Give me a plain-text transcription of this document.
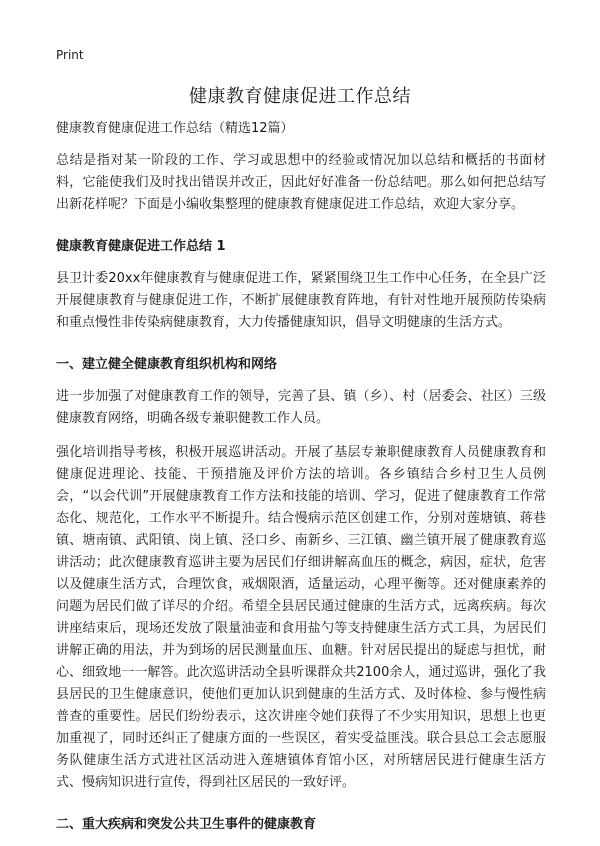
Print
健康教育健康促进工作总结

健康教育健康促进工作总结（精选12篇）

总结是指对某一阶段的工作、学习或思想中的经验或情况加以总结和概括的书面材料，它能使我们及时找出错误并改正，因此好好准备一份总结吧。那么如何把总结写出新花样呢？下面是小编收集整理的健康教育健康促进工作总结，欢迎大家分享。

健康教育健康促进工作总结 1

县卫计委20xx年健康教育与健康促进工作，紧紧围绕卫生工作中心任务，在全县广泛开展健康教育与健康促进工作，不断扩展健康教育阵地，有针对性地开展预防传染病和重点慢性非传染病健康教育，大力传播健康知识，倡导文明健康的生活方式。

一、建立健全健康教育组织机构和网络

进一步加强了对健康教育工作的领导，完善了县、镇（乡）、村（居委会、社区）三级健康教育网络，明确各级专兼职健教工作人员。

强化培训指导考核，积极开展巡讲活动。开展了基层专兼职健康教育人员健康教育和健康促进理论、技能、干预措施及评价方法的培训。各乡镇结合乡村卫生人员例会，“以会代训”开展健康教育工作方法和技能的培训、学习，促进了健康教育工作常态化、规范化，工作水平不断提升。结合慢病示范区创建工作，分别对莲塘镇、蒋巷镇、塘南镇、武阳镇、岗上镇、泾口乡、南新乡、三江镇、幽兰镇开展了健康教育巡讲活动；此次健康教育巡讲主要为居民们仔细讲解高血压的概念，病因，症状，危害以及健康生活方式，合理饮食，戒烟限酒，适量运动，心理平衡等。还对健康素养的问题为居民们做了详尽的介绍。希望全县居民通过健康的生活方式，远离疾病。每次讲座结束后，现场还发放了限量油壶和食用盐勺等支持健康生活方式工具，为居民们讲解正确的用法，并为到场的居民测量血压、血糖。针对居民提出的疑虑与担忧，耐心、细致地一一解答。此次巡讲活动全县听课群众共2100余人，通过巡讲，强化了我县居民的卫生健康意识，使他们更加认识到健康的生活方式、及时体检、参与慢性病普查的重要性。居民们纷纷表示，这次讲座令她们获得了不少实用知识，思想上也更加重视了，同时还纠正了健康方面的一些误区，着实受益匪浅。联合县总工会志愿服务队健康生活方式进社区活动进入莲塘镇体育馆小区，对所辖居民进行健康生活方式、慢病知识进行宣传，得到社区居民的一致好评。

二、重大疾病和突发公共卫生事件的健康教育
